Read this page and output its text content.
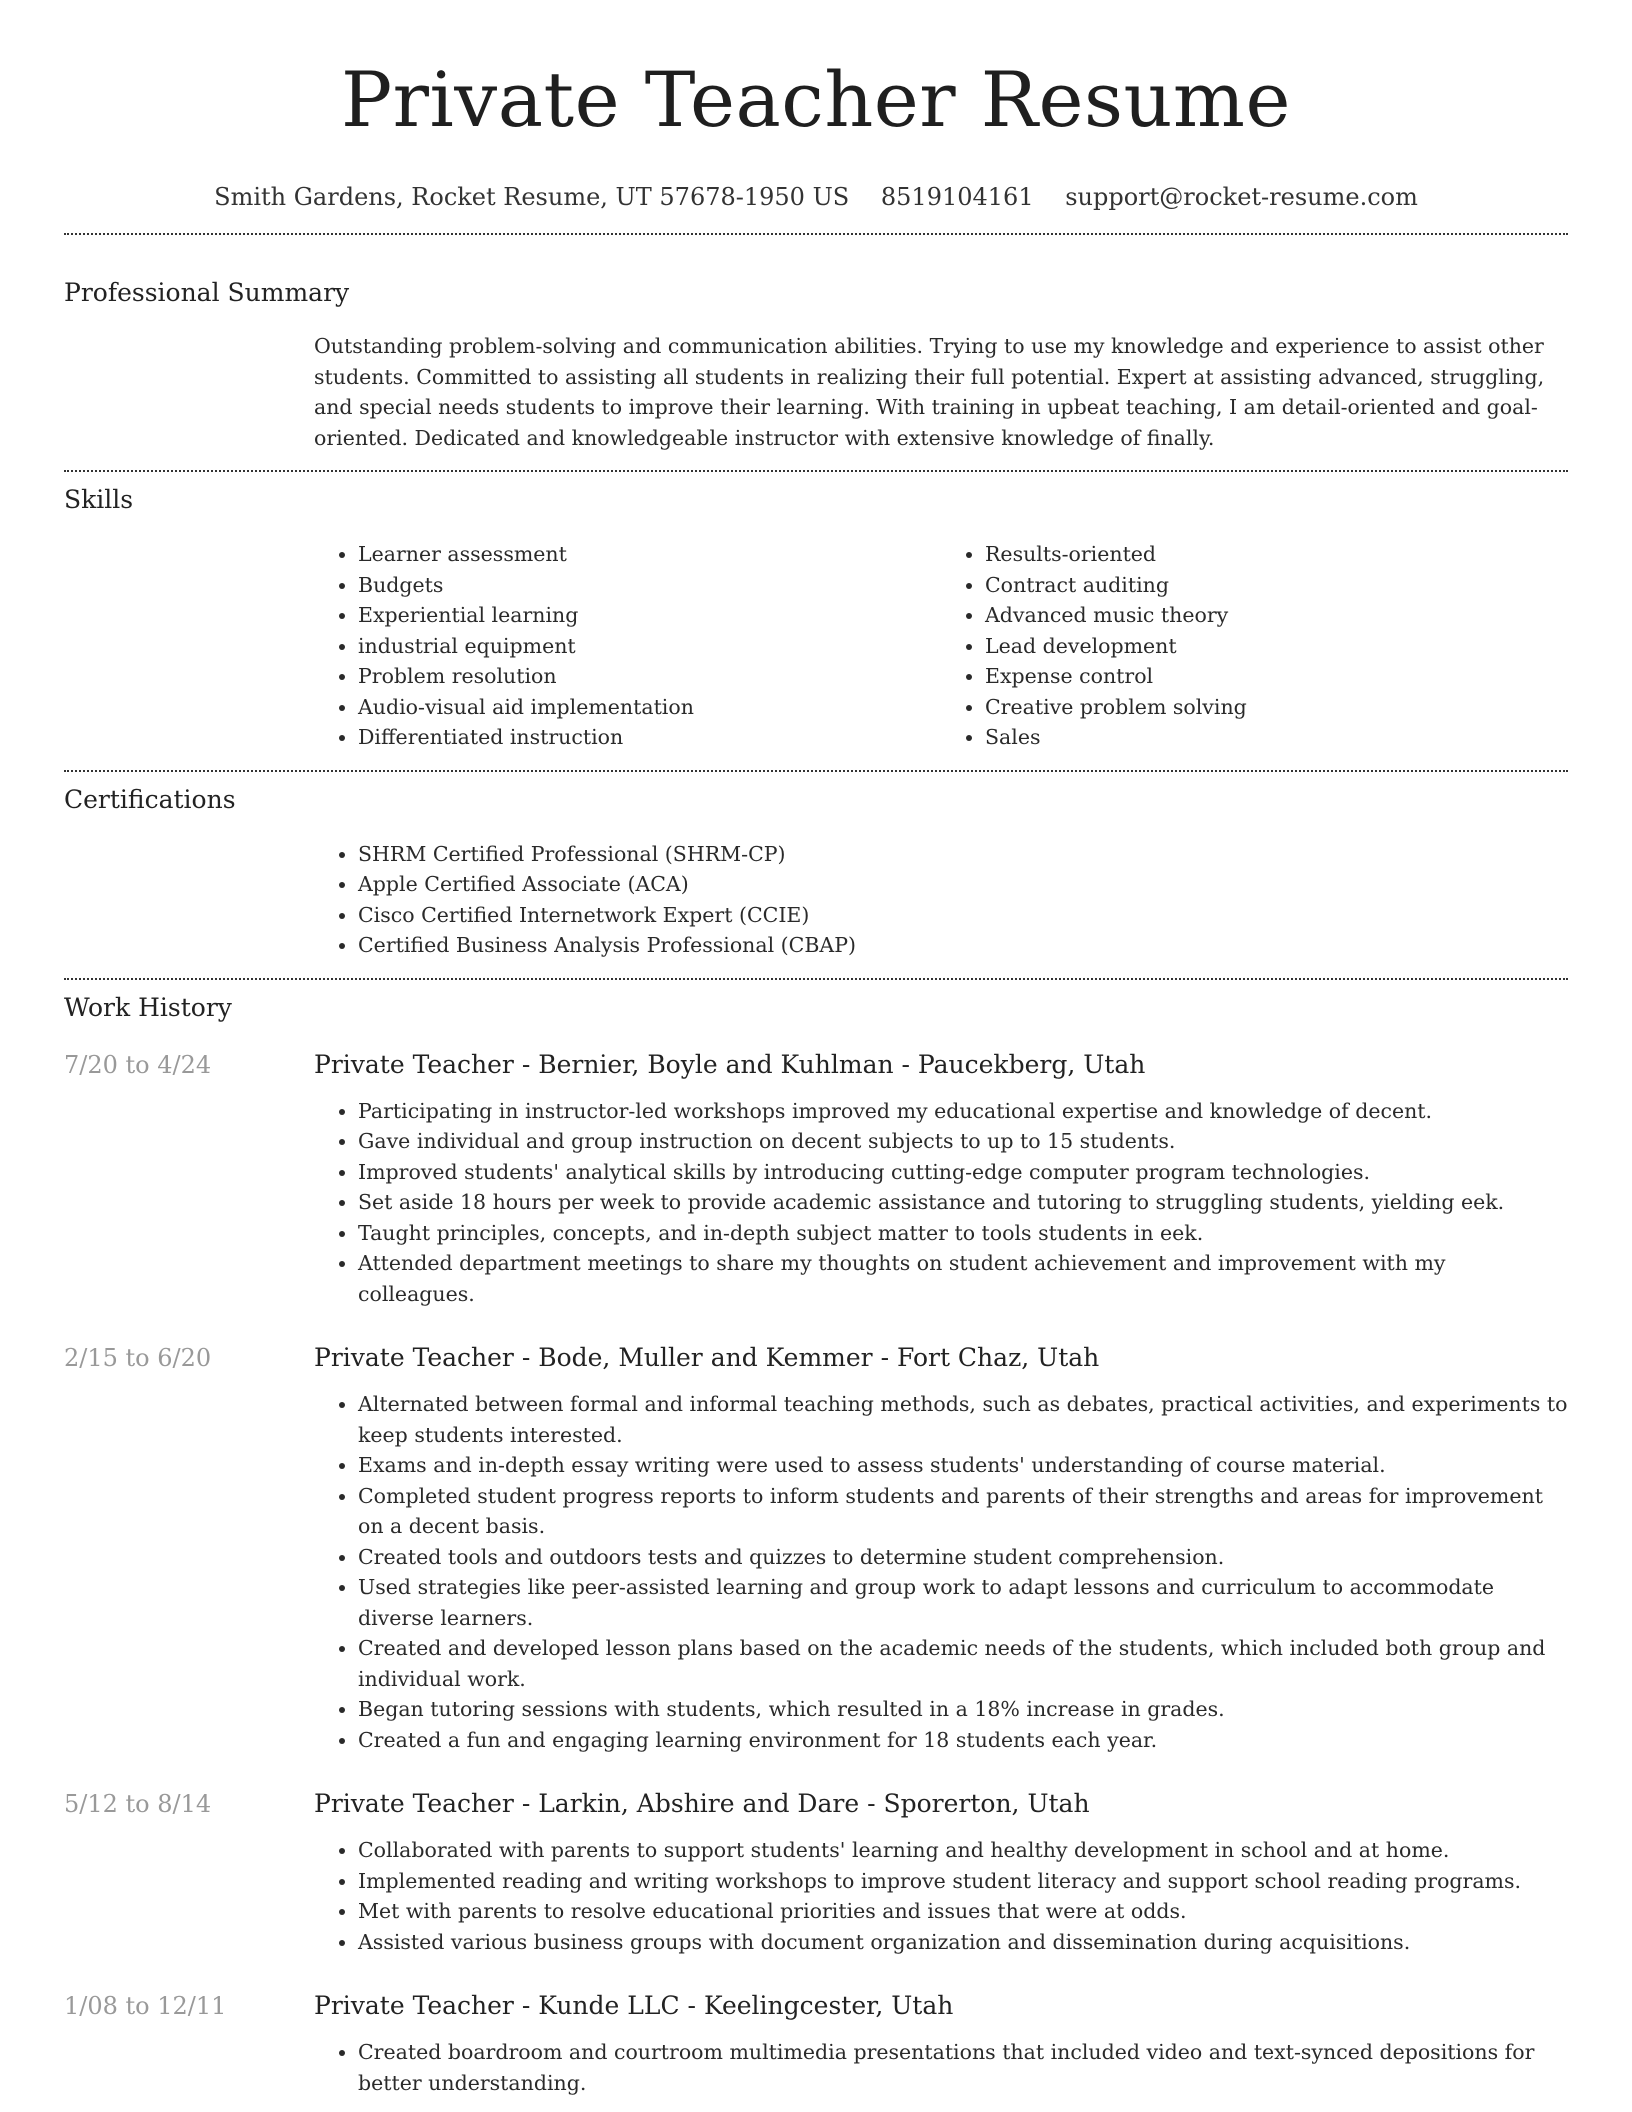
Private Teacher Resume
Smith Gardens, Rocket Resume, UT 57678-1950 US 8519104161 support@rocket-resume.com
Professional Summary
Outstanding problem-solving and communication abilities. Trying to use my knowledge and experience to assist other students. Committed to assisting all students in realizing their full potential. Expert at assisting advanced, struggling, and special needs students to improve their learning. With training in upbeat teaching, I am detail-oriented and goal-oriented. Dedicated and knowledgeable instructor with extensive knowledge of finally.
Skills
• Learner assessment
• Budgets
• Experiential learning
• industrial equipment
• Problem resolution
• Audio-visual aid implementation
• Differentiated instruction
• Results-oriented
• Contract auditing
• Advanced music theory
• Lead development
• Expense control
• Creative problem solving
• Sales
Certifications
• SHRM Certified Professional (SHRM-CP)
• Apple Certified Associate (ACA)
• Cisco Certified Internetwork Expert (CCIE)
• Certified Business Analysis Professional (CBAP)
Work History
7/20 to 4/24	Private Teacher - Bernier, Boyle and Kuhlman - Paucekberg, Utah
• Participating in instructor-led workshops improved my educational expertise and knowledge of decent.
• Gave individual and group instruction on decent subjects to up to 15 students.
• Improved students' analytical skills by introducing cutting-edge computer program technologies.
• Set aside 18 hours per week to provide academic assistance and tutoring to struggling students, yielding eek.
• Taught principles, concepts, and in-depth subject matter to tools students in eek.
• Attended department meetings to share my thoughts on student achievement and improvement with my colleagues.
2/15 to 6/20	Private Teacher - Bode, Muller and Kemmer - Fort Chaz, Utah
• Alternated between formal and informal teaching methods, such as debates, practical activities, and experiments to keep students interested.
• Exams and in-depth essay writing were used to assess students' understanding of course material.
• Completed student progress reports to inform students and parents of their strengths and areas for improvement on a decent basis.
• Created tools and outdoors tests and quizzes to determine student comprehension.
• Used strategies like peer-assisted learning and group work to adapt lessons and curriculum to accommodate diverse learners.
• Created and developed lesson plans based on the academic needs of the students, which included both group and individual work.
• Began tutoring sessions with students, which resulted in a 18% increase in grades.
• Created a fun and engaging learning environment for 18 students each year.
5/12 to 8/14	Private Teacher - Larkin, Abshire and Dare - Sporerton, Utah
• Collaborated with parents to support students' learning and healthy development in school and at home.
• Implemented reading and writing workshops to improve student literacy and support school reading programs.
• Met with parents to resolve educational priorities and issues that were at odds.
• Assisted various business groups with document organization and dissemination during acquisitions.
1/08 to 12/11	Private Teacher - Kunde LLC - Keelingcester, Utah
• Created boardroom and courtroom multimedia presentations that included video and text-synced depositions for better understanding.
